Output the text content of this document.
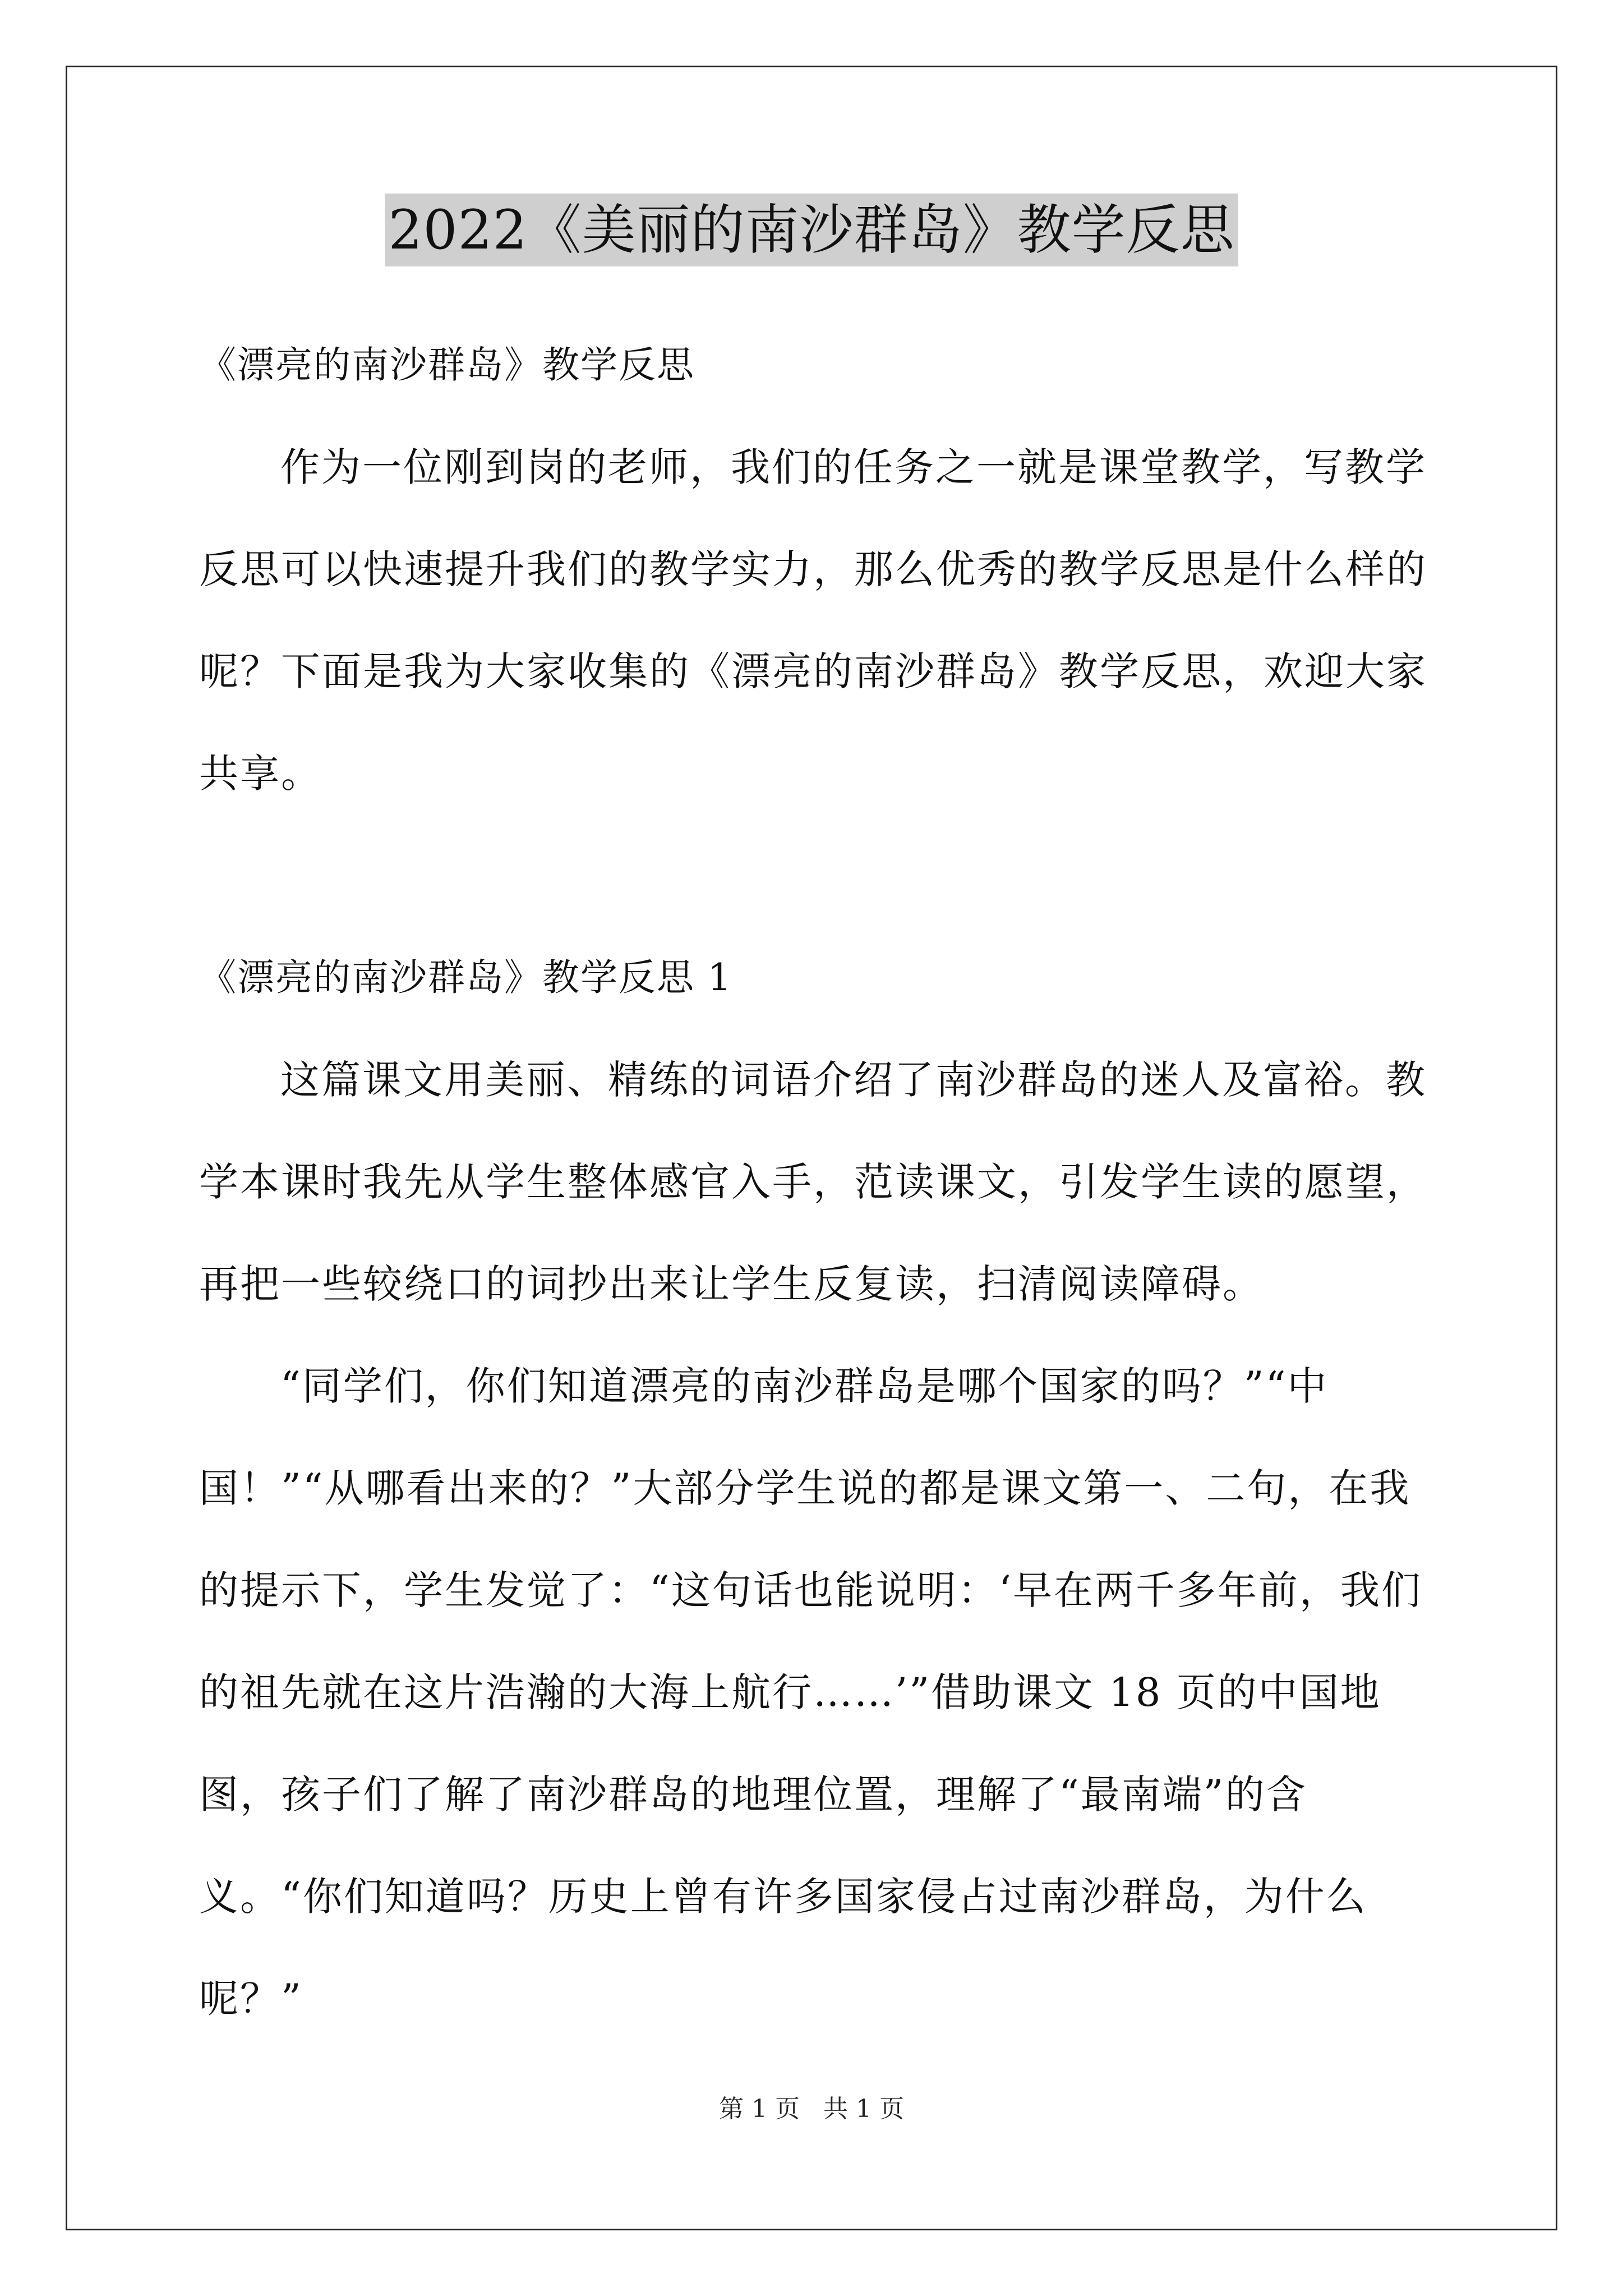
2022《美丽的南沙群岛》教学反思

《漂亮的南沙群岛》教学反思

作为一位刚到岗的老师，我们的任务之一就是课堂教学，写教学反思可以快速提升我们的教学实力，那么优秀的教学反思是什么样的呢？下面是我为大家收集的《漂亮的南沙群岛》教学反思，欢迎大家共享。

《漂亮的南沙群岛》教学反思 1

这篇课文用美丽、精练的词语介绍了南沙群岛的迷人及富裕。教学本课时我先从学生整体感官入手，范读课文，引发学生读的愿望，再把一些较绕口的词抄出来让学生反复读，扫清阅读障碍。

“同学们，你们知道漂亮的南沙群岛是哪个国家的吗？”“中国！”“从哪看出来的？”大部分学生说的都是课文第一、二句，在我的提示下，学生发觉了：“这句话也能说明：‘早在两千多年前，我们的祖先就在这片浩瀚的大海上航行……’”借助课文 18 页的中国地图，孩子们了解了南沙群岛的地理位置，理解了“最南端”的含义。“你们知道吗？历史上曾有许多国家侵占过南沙群岛，为什么呢？”

第 1 页 共 1 页
